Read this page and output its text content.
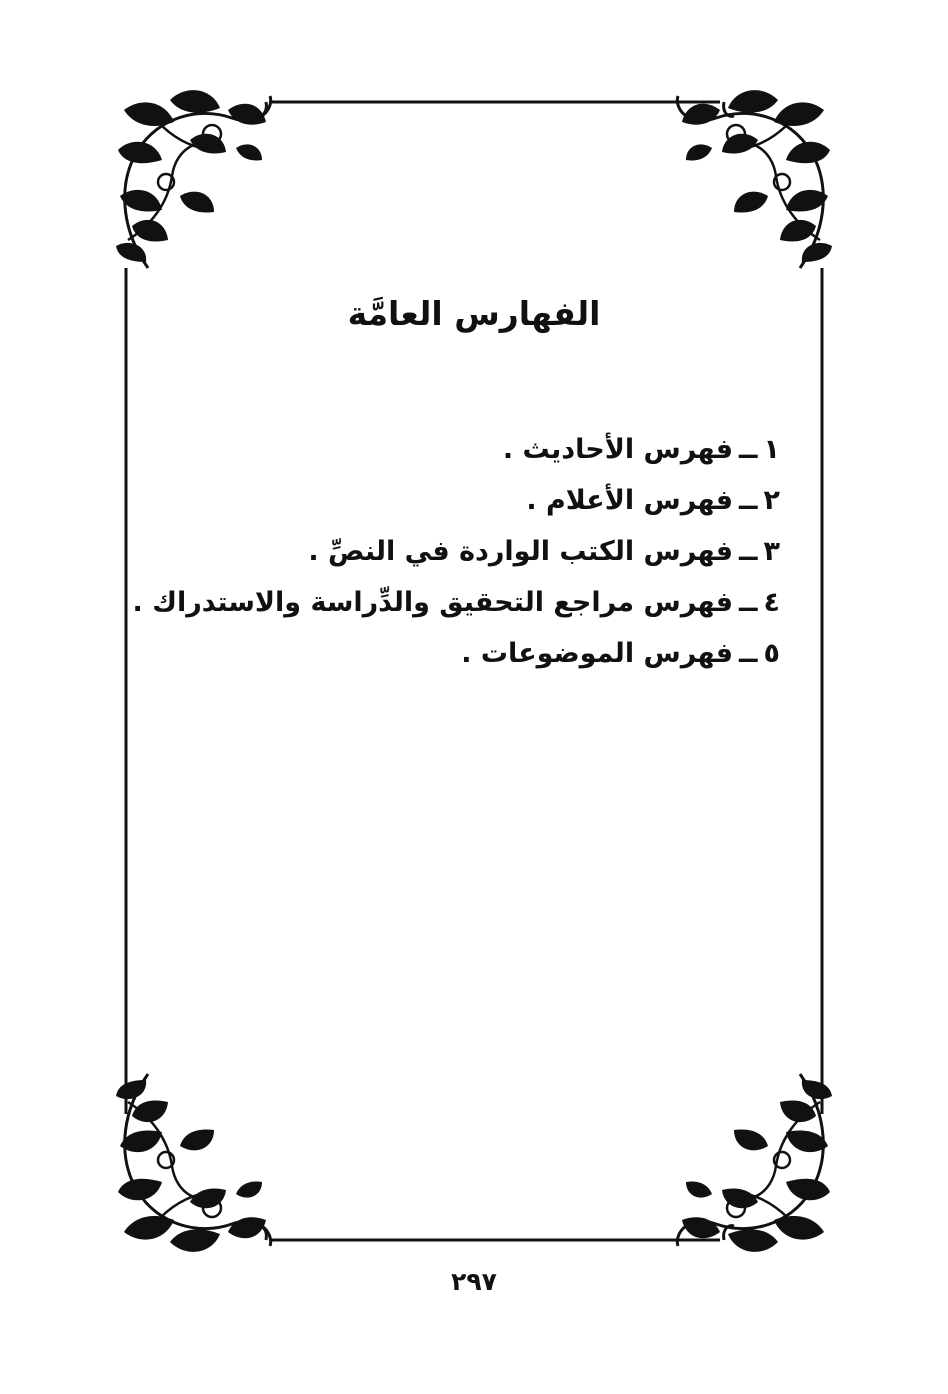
الفهارس العامَّة
١ــفهرس الأحاديث .
٢ــفهرس الأعلام .
٣ــفهرس الكتب الواردة في النصِّ .
٤ــفهرس مراجع التحقيق والدِّراسة والاستدراك .
٥ــفهرس الموضوعات .
٢٩٧
